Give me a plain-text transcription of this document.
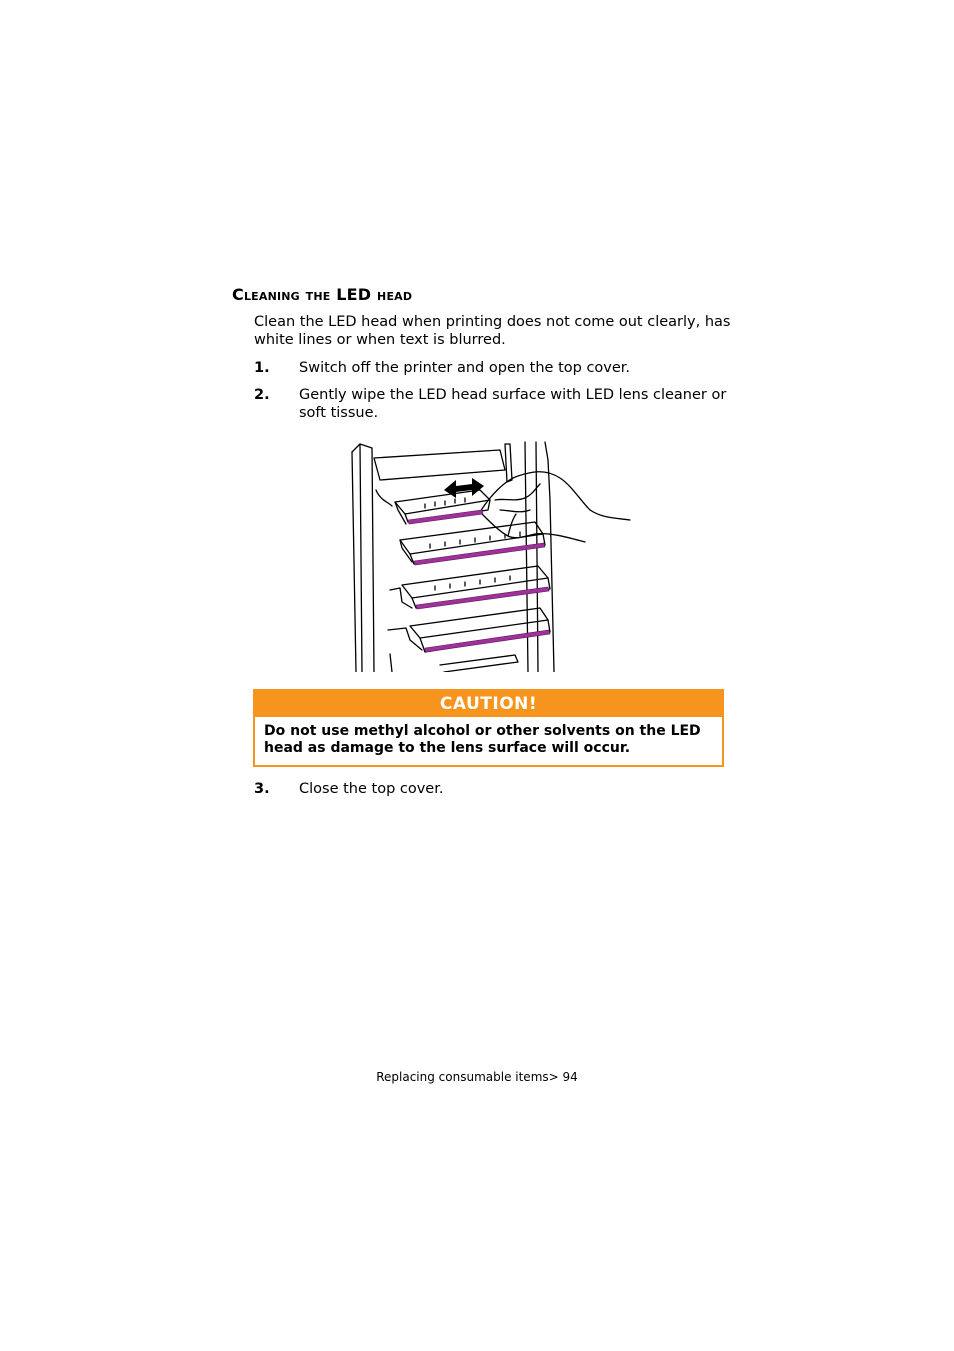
Cleaning the LED head
Clean the LED head when printing does not come out clearly, has white lines or when text is blurred.
1. Switch off the printer and open the top cover.
2. Gently wipe the LED head surface with LED lens cleaner or soft tissue.
CAUTION!
Do not use methyl alcohol or other solvents on the LED head as damage to the lens surface will occur.
3. Close the top cover.
Replacing consumable items> 94
